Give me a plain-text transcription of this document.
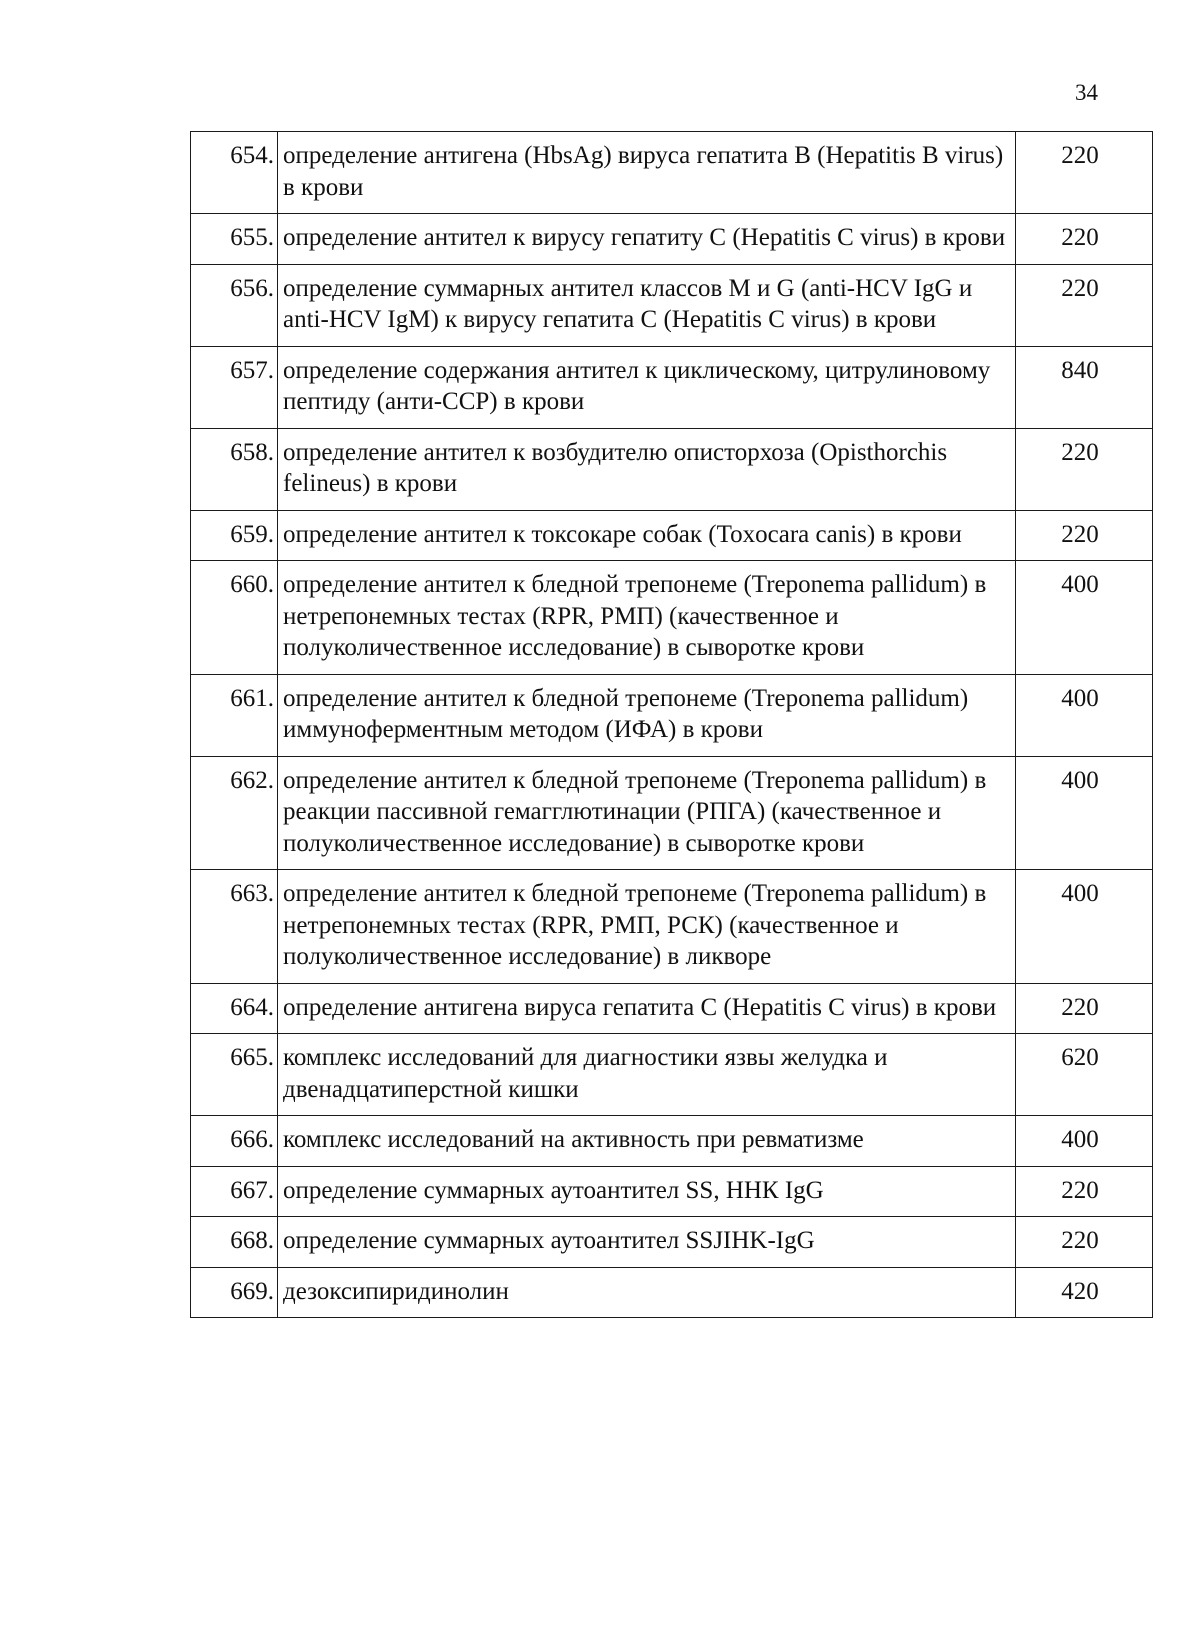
34
654.	определение антигена (HbsAg) вируса гепатита В (Hepatitis В virus) в крови	220
655.	определение антител к вирусу гепатиту С (Hepatitis С virus) в крови	220
656.	определение суммарных антител классов М и G (anti-HCV IgG и anti-HCV IgM) к вирусу гепатита С (Hepatitis С virus) в крови	220
657.	определение содержания антител к циклическому, цитрулиновому пептиду (анти-ССР) в крови	840
658.	определение антител к возбудителю описторхоза (Opisthorchis felineus) в крови	220
659.	определение антител к токсокаре собак (Toxocara canis) в крови	220
660.	определение антител к бледной трепонеме (Treponema pallidum) в нетрепонемных тестах (RPR, РМП) (качественное и полуколичественное исследование) в сыворотке крови	400
661.	определение антител к бледной трепонеме (Treponema pallidum) иммуноферментным методом (ИФА) в крови	400
662.	определение антител к бледной трепонеме (Treponema pallidum) в реакции пассивной гемагглютинации (РПГА) (качественное и полуколичественное исследование) в сыворотке крови	400
663.	определение антител к бледной трепонеме (Treponema pallidum) в нетрепонемных тестах (RPR, РМП, РСК) (качественное и полуколичественное исследование) в ликворе	400
664.	определение антигена вируса гепатита С (Hepatitis С virus) в крови	220
665.	комплекс исследований для диагностики язвы желудка и двенадцатиперстной кишки	620
666.	комплекс исследований на активность при ревматизме	400
667.	определение суммарных аутоантител SS, ННК IgG	220
668.	определение суммарных аутоантител SSJIHK-IgG	220
669.	дезоксипиридинолин	420
